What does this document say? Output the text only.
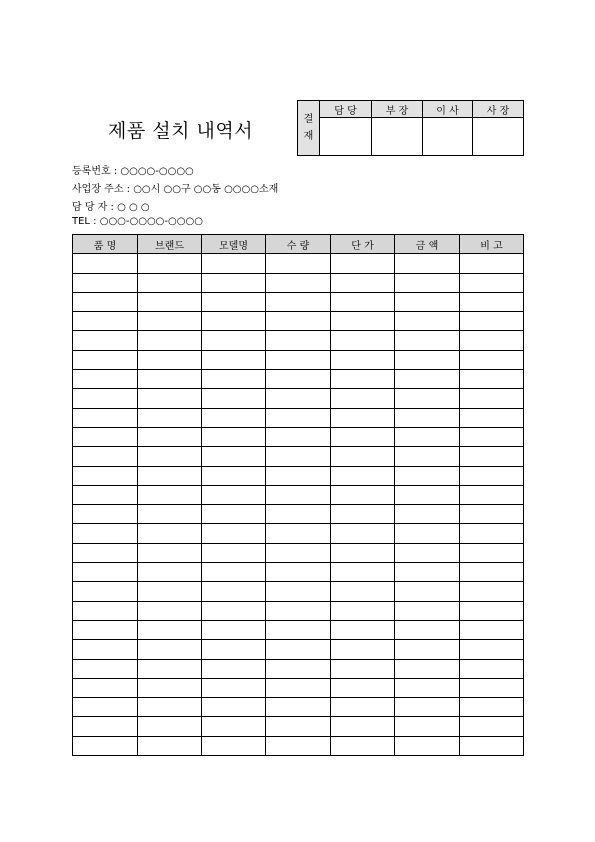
제품 설치 내역서
결
재	담 당	부 장	이 사	사 장

등록번호 : ○○○○-○○○○
사업장 주소 : ○○시 ○○구 ○○동 ○○○○소재
담 당 자 : ○ ○ ○
TEL : ○○○-○○○○-○○○○
품 명	브랜드	모델명	수 량	단 가	금 액	비 고
